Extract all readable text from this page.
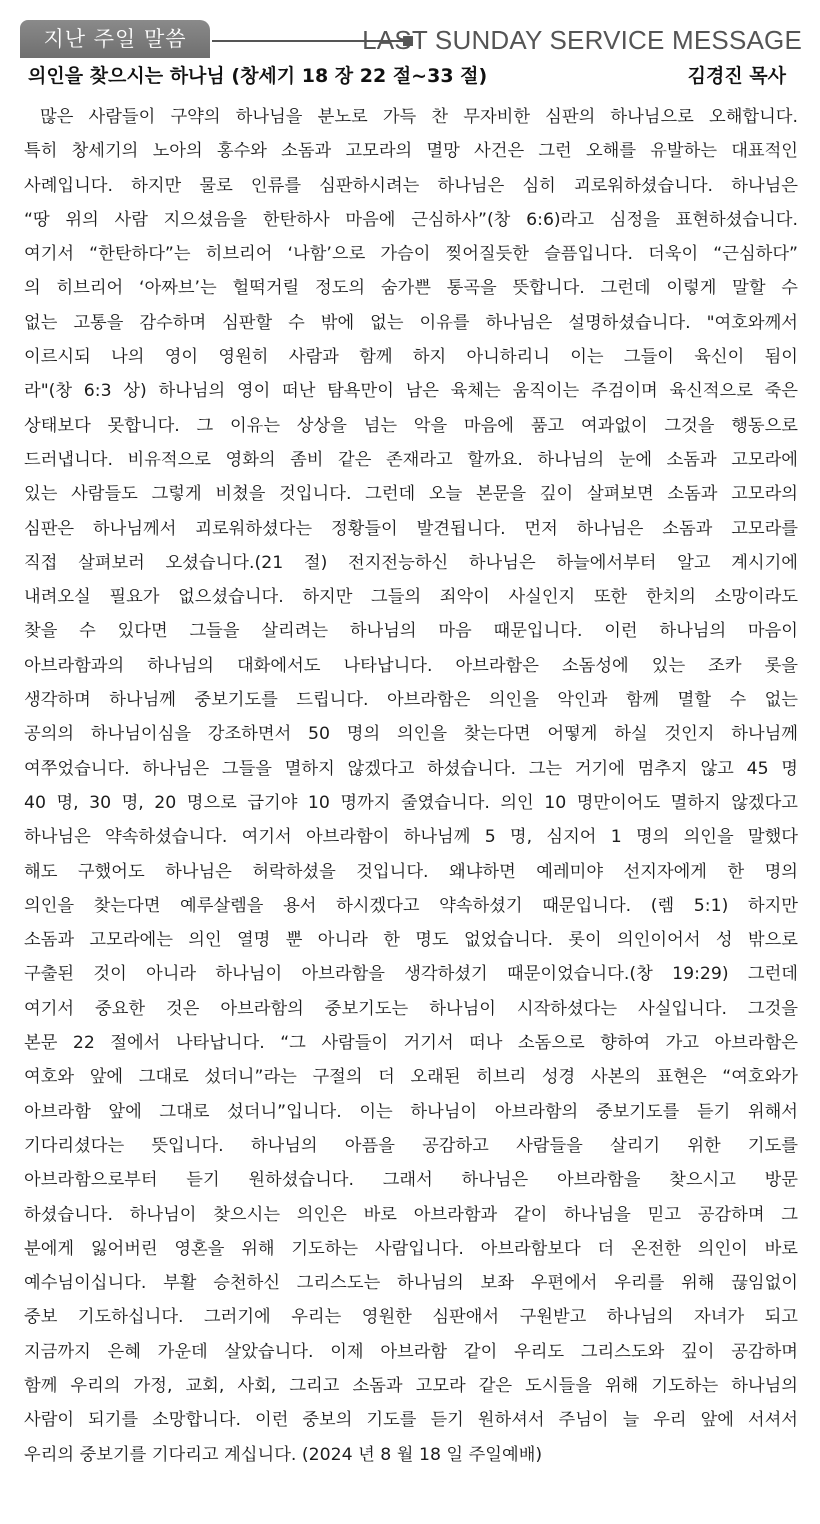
지난 주일 말씀	LAST SUNDAY SERVICE MESSAGE
의인을 찾으시는 하나님 (창세기 18 장 22 절~33 절)	김경진 목사
많은 사람들이 구약의 하나님을 분노로 가득 찬 무자비한 심판의 하나님으로 오해합니다.
특히 창세기의 노아의 홍수와 소돔과 고모라의 멸망 사건은 그런 오해를 유발하는 대표적인
사례입니다. 하지만 물로 인류를 심판하시려는 하나님은 심히 괴로워하셨습니다. 하나님은
“땅 위의 사람 지으셨음을 한탄하사 마음에 근심하사”(창 6:6)라고 심정을 표현하셨습니다.
여기서 “한탄하다”는 히브리어 ‘나함’으로 가슴이 찢어질듯한 슬픔입니다. 더욱이 “근심하다”
의 히브리어 ‘아짜브’는 헐떡거릴 정도의 숨가쁜 통곡을 뜻합니다. 그런데 이렇게 말할 수
없는 고통을 감수하며 심판할 수 밖에 없는 이유를 하나님은 설명하셨습니다. "여호와께서
이르시되 나의 영이 영원히 사람과 함께 하지 아니하리니 이는 그들이 육신이 됨이
라"(창 6:3 상) 하나님의 영이 떠난 탐욕만이 남은 육체는 움직이는 주검이며 육신적으로 죽은
상태보다 못합니다. 그 이유는 상상을 넘는 악을 마음에 품고 여과없이 그것을 행동으로
드러냅니다. 비유적으로 영화의 좀비 같은 존재라고 할까요. 하나님의 눈에 소돔과 고모라에
있는 사람들도 그렇게 비쳤을 것입니다. 그런데 오늘 본문을 깊이 살펴보면 소돔과 고모라의
심판은 하나님께서 괴로워하셨다는 정황들이 발견됩니다. 먼저 하나님은 소돔과 고모라를
직접 살펴보러 오셨습니다.(21 절) 전지전능하신 하나님은 하늘에서부터 알고 계시기에
내려오실 필요가 없으셨습니다. 하지만 그들의 죄악이 사실인지 또한 한치의 소망이라도
찾을 수 있다면 그들을 살리려는 하나님의 마음 때문입니다. 이런 하나님의 마음이
아브라함과의 하나님의 대화에서도 나타납니다. 아브라함은 소돔성에 있는 조카 롯을
생각하며 하나님께 중보기도를 드립니다. 아브라함은 의인을 악인과 함께 멸할 수 없는
공의의 하나님이심을 강조하면서 50 명의 의인을 찾는다면 어떻게 하실 것인지 하나님께
여쭈었습니다. 하나님은 그들을 멸하지 않겠다고 하셨습니다. 그는 거기에 멈추지 않고 45 명
40 명, 30 명, 20 명으로 급기야 10 명까지 줄였습니다. 의인 10 명만이어도 멸하지 않겠다고
하나님은 약속하셨습니다. 여기서 아브라함이 하나님께 5 명, 심지어 1 명의 의인을 말했다
해도 구했어도 하나님은 허락하셨을 것입니다. 왜냐하면 예레미야 선지자에게 한 명의
의인을 찾는다면 예루살렘을 용서 하시겠다고 약속하셨기 때문입니다. (렘 5:1) 하지만
소돔과 고모라에는 의인 열명 뿐 아니라 한 명도 없었습니다. 롯이 의인이어서 성 밖으로
구출된 것이 아니라 하나님이 아브라함을 생각하셨기 때문이었습니다.(창 19:29) 그런데
여기서 중요한 것은 아브라함의 중보기도는 하나님이 시작하셨다는 사실입니다. 그것을
본문 22 절에서 나타납니다. “그 사람들이 거기서 떠나 소돔으로 향하여 가고 아브라함은
여호와 앞에 그대로 섰더니”라는 구절의 더 오래된 히브리 성경 사본의 표현은 “여호와가
아브라함 앞에 그대로 섰더니”입니다. 이는 하나님이 아브라함의 중보기도를 듣기 위해서
기다리셨다는 뜻입니다. 하나님의 아픔을 공감하고 사람들을 살리기 위한 기도를
아브라함으로부터 듣기 원하셨습니다. 그래서 하나님은 아브라함을 찾으시고 방문
하셨습니다. 하나님이 찾으시는 의인은 바로 아브라함과 같이 하나님을 믿고 공감하며 그
분에게 잃어버린 영혼을 위해 기도하는 사람입니다. 아브라함보다 더 온전한 의인이 바로
예수님이십니다. 부활 승천하신 그리스도는 하나님의 보좌 우편에서 우리를 위해 끊임없이
중보 기도하십니다. 그러기에 우리는 영원한 심판애서 구원받고 하나님의 자녀가 되고
지금까지 은혜 가운데 살았습니다. 이제 아브라함 같이 우리도 그리스도와 깊이 공감하며
함께 우리의 가정, 교회, 사회, 그리고 소돔과 고모라 같은 도시들을 위해 기도하는 하나님의
사람이 되기를 소망합니다. 이런 중보의 기도를 듣기 원하셔서 주님이 늘 우리 앞에 서셔서
우리의 중보기를 기다리고 계십니다. (2024 년 8 월 18 일 주일예배)
